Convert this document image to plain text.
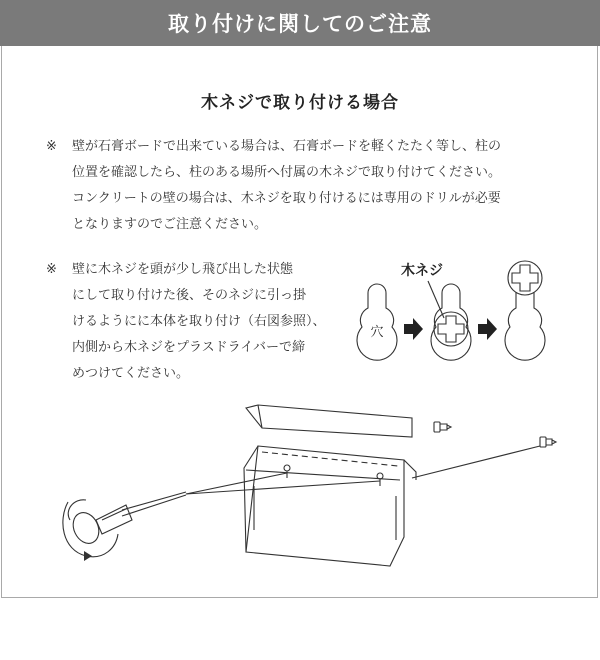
取り付けに関してのご注意
木ネジで取り付ける場合
※ 壁が石膏ボードで出来ている場合は、石膏ボードを軽くたたく等し、柱の
位置を確認したら、柱のある場所へ付属の木ネジで取り付けてください。
コンクリートの壁の場合は、木ネジを取り付けるには専用のドリルが必要
となりますのでご注意ください。
※ 壁に木ネジを頭が少し飛び出した状態
にして取り付けた後、そのネジに引っ掛
けるようにに本体を取り付け（右図参照）、
内側から木ネジをプラスドライバーで締
めつけてください。
穴
木ネジ
